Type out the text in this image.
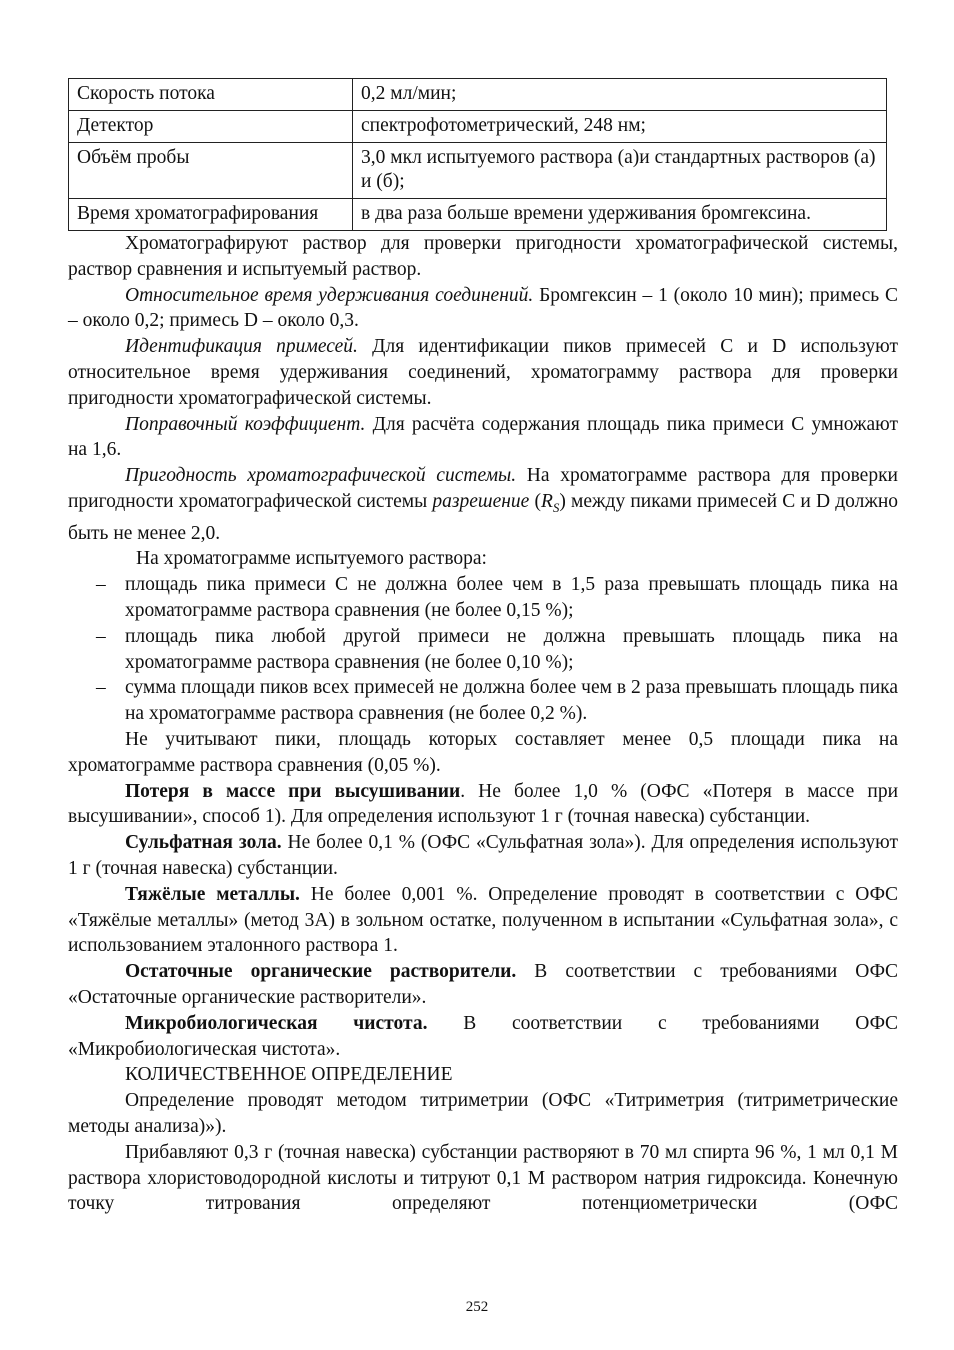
Скорость потока	0,2 мл/мин;
Детектор	спектрофотометрический, 248 нм;
Объём пробы	3,0 мкл испытуемого раствора (а)и стандартных растворов (а) и (б);
Время хроматографирования	в два раза больше времени удерживания бромгексина.

Хроматографируют раствор для проверки пригодности хроматографической системы, раствор сравнения и испытуемый раствор.

Относительное время удерживания соединений. Бромгексин – 1 (около 10 мин); примесь С – около 0,2; примесь D – около 0,3.

Идентификация примесей. Для идентификации пиков примесей С и D используют относительное время удерживания соединений, хроматограмму раствора для проверки пригодности хроматографической системы.

Поправочный коэффициент. Для расчёта содержания площадь пика примеси С умножают на 1,6.

Пригодность хроматографической системы. На хроматограмме раствора для проверки пригодности хроматографической системы разрешение $(R_S)$ между пиками примесей С и D должно быть не менее 2,0.

На хроматограмме испытуемого раствора:

– площадь пика примеси С не должна более чем в 1,5 раза превышать площадь пика на хроматограмме раствора сравнения (не более 0,15 %);
– площадь пика любой другой примеси не должна превышать площадь пика на хроматограмме раствора сравнения (не более 0,10 %);
– сумма площади пиков всех примесей не должна более чем в 2 раза превышать площадь пика на хроматограмме раствора сравнения (не более 0,2 %).

Не учитывают пики, площадь которых составляет менее 0,5 площади пика на хроматограмме раствора сравнения (0,05 %).

Потеря в массе при высушивании. Не более 1,0 % (ОФС «Потеря в массе при высушивании», способ 1). Для определения используют 1 г (точная навеска) субстанции.

Сульфатная зола. Не более 0,1 % (ОФС «Сульфатная зола»). Для определения используют 1 г (точная навеска) субстанции.

Тяжёлые металлы. Не более 0,001 %. Определение проводят в соответствии с ОФС «Тяжёлые металлы» (метод 3А) в зольном остатке, полученном в испытании «Сульфатная зола», с использованием эталонного раствора 1.

Остаточные органические растворители. В соответствии с требованиями ОФС «Остаточные органические растворители».

Микробиологическая чистота. В соответствии с требованиями ОФС «Микробиологическая чистота».

КОЛИЧЕСТВЕННОЕ ОПРЕДЕЛЕНИЕ

Определение проводят методом титриметрии (ОФС «Титриметрия (титриметрические методы анализа)»).

Прибавляют 0,3 г (точная навеска) субстанции растворяют в 70 мл спирта 96 %, 1 мл 0,1 М раствора хлористоводородной кислоты и титруют 0,1 М раствором натрия гидроксида. Конечную точку титрования определяют потенциометрически (ОФС

252
